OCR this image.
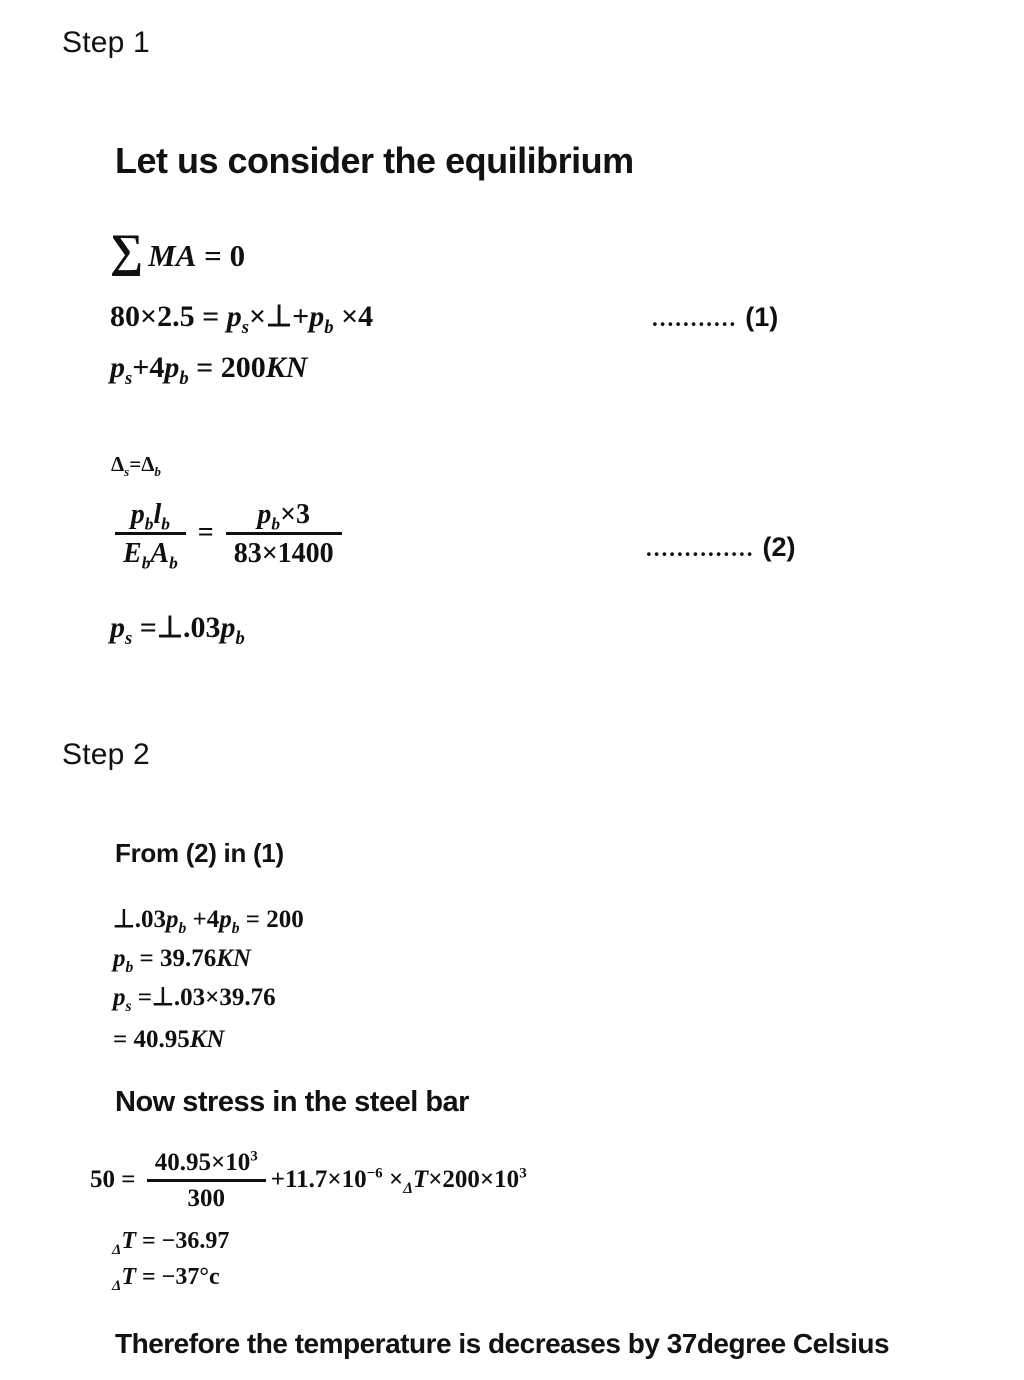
Step 1
Let us consider the equilibrium
∑ MA = 0
$80\times 2.5 = p_s\times\perp+p_b \times 4$	........... (1)
$p_s+4p_b = 200KN$
$\Delta_s=\Delta_b$
$\frac{p_bl_b}{E_bA_b} = \frac{p_b\times 3}{83\times 1400}$	.............. (2)
$p_s$ $=\perp.03p_b$
Step 2
From (2) in (1)
$\perp.03p_b +4p_b = 200$
$p_b = 39.76KN$
$p_s$ =⊥.03×39.76
= 40.95KN
Now stress in the steel bar
$50 = \frac{40.95\times 10^3}{300} +11.7\times 10^{-6} \times_\Delta T\times 200\times 10^3$
$_\Delta$T = −36.97
$_\Delta$T = −37°c
Therefore the temperature is decreases by 37degree Celsius
